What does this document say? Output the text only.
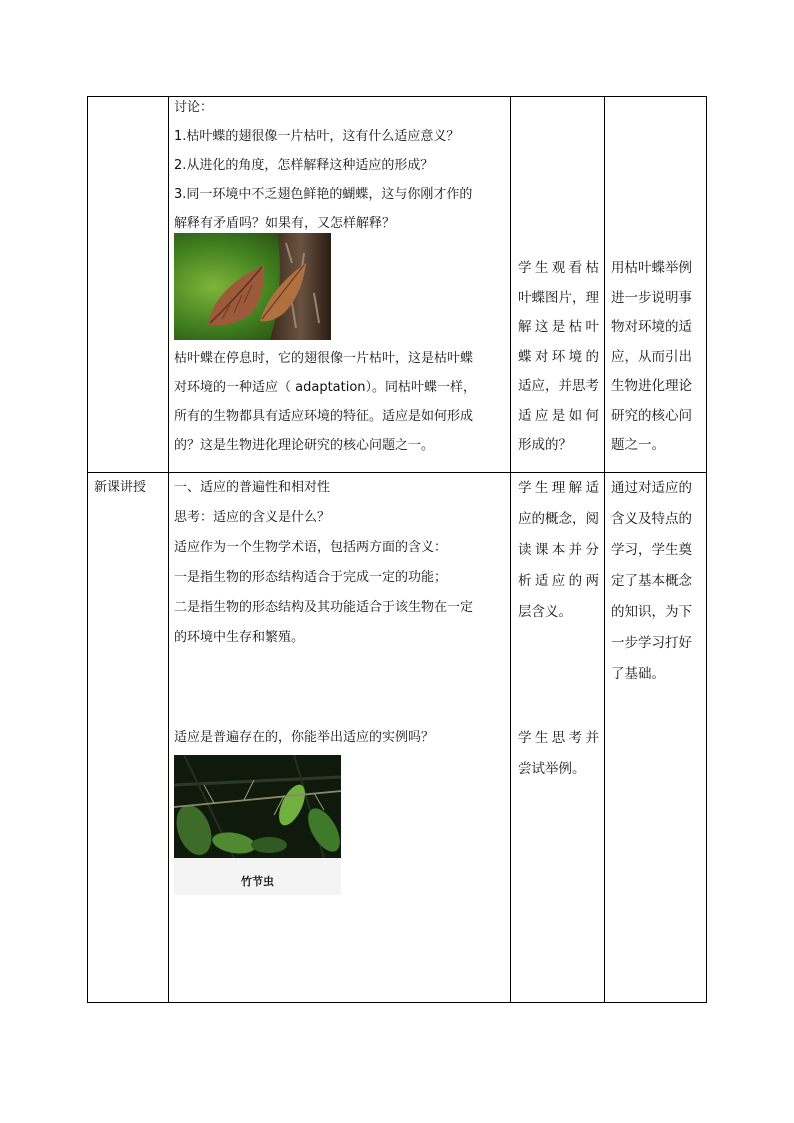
讨论：
1.枯叶蝶的翅很像一片枯叶，这有什么适应意义？
2.从进化的角度，怎样解释这种适应的形成？
3.同一环境中不乏翅色鲜艳的蝴蝶，这与你刚才作的
解释有矛盾吗？如果有，又怎样解释？
枯叶蝶在停息时，它的翅很像一片枯叶，这是枯叶蝶
对环境的一种适应（ adaptation）。同枯叶蝶一样，
所有的生物都具有适应环境的特征。适应是如何形成
的？这是生物进化理论研究的核心问题之一。
学生观看枯
叶蝶图片，理
解这是枯叶
蝶对环境的
适应，并思考
适应是如何
形成的？
用枯叶蝶举例
进一步说明事
物对环境的适
应，从而引出
生物进化理论
研究的核心问
题之一。
新课讲授	一、适应的普遍性和相对性
思考：适应的含义是什么？
适应作为一个生物学术语，包括两方面的含义：
一是指生物的形态结构适合于完成一定的功能；
二是指生物的形态结构及其功能适合于该生物在一定
的环境中生存和繁殖。
适应是普遍存在的，你能举出适应的实例吗？
竹节虫
学生理解适
应的概念，阅
读课本并分
析适应的两
层含义。
学生思考并
尝试举例。
通过对适应的
含义及特点的
学习，学生奠
定了基本概念
的知识，为下
一步学习打好
了基础。
